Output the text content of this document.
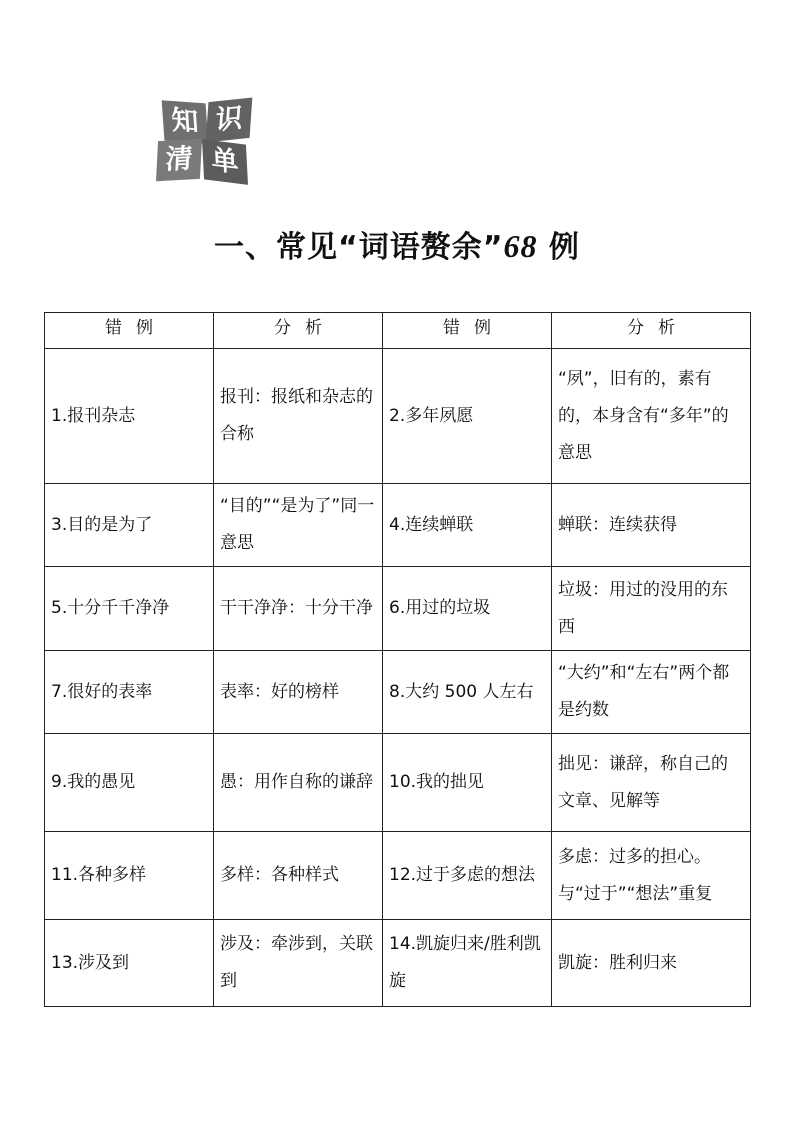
知 识
清 单
一、常见“词语赘余”68 例
错例	分析	错例	分析
1.报刊杂志	报刊：报纸和杂志的合称	2.多年夙愿	“夙”，旧有的，素有的，本身含有“多年”的意思
3.目的是为了	“目的”“是为了”同一意思	4.连续蝉联	蝉联：连续获得
5.十分千千净净	干干净净：十分干净	6.用过的垃圾	垃圾：用过的没用的东西
7.很好的表率	表率：好的榜样	8.大约 500 人左右	“大约”和“左右”两个都是约数
9.我的愚见	愚：用作自称的谦辞	10.我的拙见	拙见：谦辞，称自己的文章、见解等
11.各种多样	多样：各种样式	12.过于多虑的想法	多虑：过多的担心。与“过于”“想法”重复
13.涉及到	涉及：牵涉到，关联到	14.凯旋归来/胜利凯旋	凯旋：胜利归来
